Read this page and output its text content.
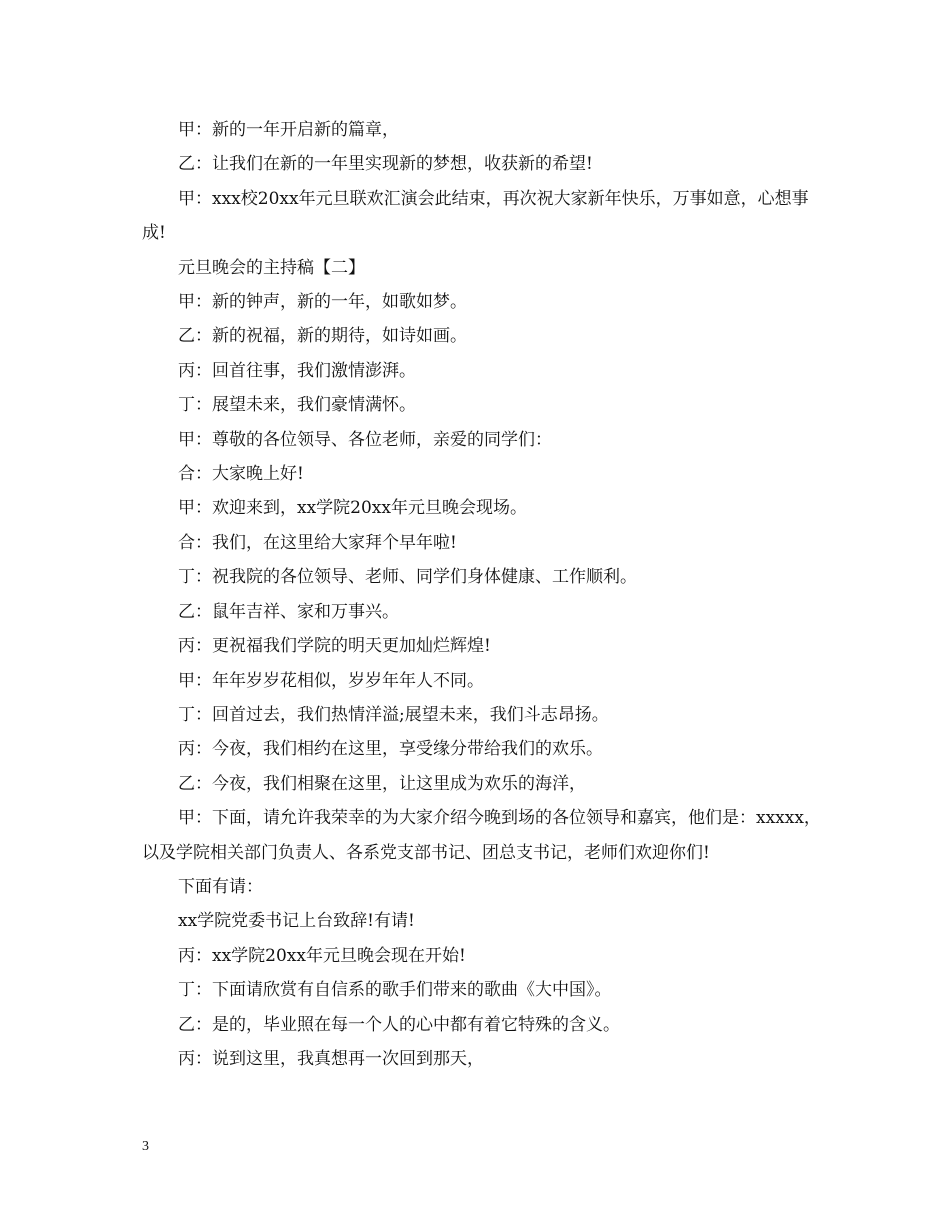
甲：新的一年开启新的篇章，

乙：让我们在新的一年里实现新的梦想，收获新的希望!

甲：xxx校20xx年元旦联欢汇演会此结束，再次祝大家新年快乐，万事如意，心想事成!

元旦晚会的主持稿【二】

甲：新的钟声，新的一年，如歌如梦。

乙：新的祝福，新的期待，如诗如画。

丙：回首往事，我们激情澎湃。

丁：展望未来，我们豪情满怀。

甲：尊敬的各位领导、各位老师，亲爱的同学们：

合：大家晚上好!

甲：欢迎来到，xx学院20xx年元旦晚会现场。

合：我们，在这里给大家拜个早年啦!

丁：祝我院的各位领导、老师、同学们身体健康、工作顺利。

乙：鼠年吉祥、家和万事兴。

丙：更祝福我们学院的明天更加灿烂辉煌!

甲：年年岁岁花相似，岁岁年年人不同。

丁：回首过去，我们热情洋溢;展望未来，我们斗志昂扬。

丙：今夜，我们相约在这里，享受缘分带给我们的欢乐。

乙：今夜，我们相聚在这里，让这里成为欢乐的海洋，

甲：下面，请允许我荣幸的为大家介绍今晚到场的各位领导和嘉宾，他们是：xxxxx，以及学院相关部门负责人、各系党支部书记、团总支书记，老师们欢迎你们!

下面有请：

xx学院党委书记上台致辞!有请!

丙：xx学院20xx年元旦晚会现在开始!

丁：下面请欣赏有自信系的歌手们带来的歌曲《大中国》。

乙：是的，毕业照在每一个人的心中都有着它特殊的含义。

丙：说到这里，我真想再一次回到那天，

3
